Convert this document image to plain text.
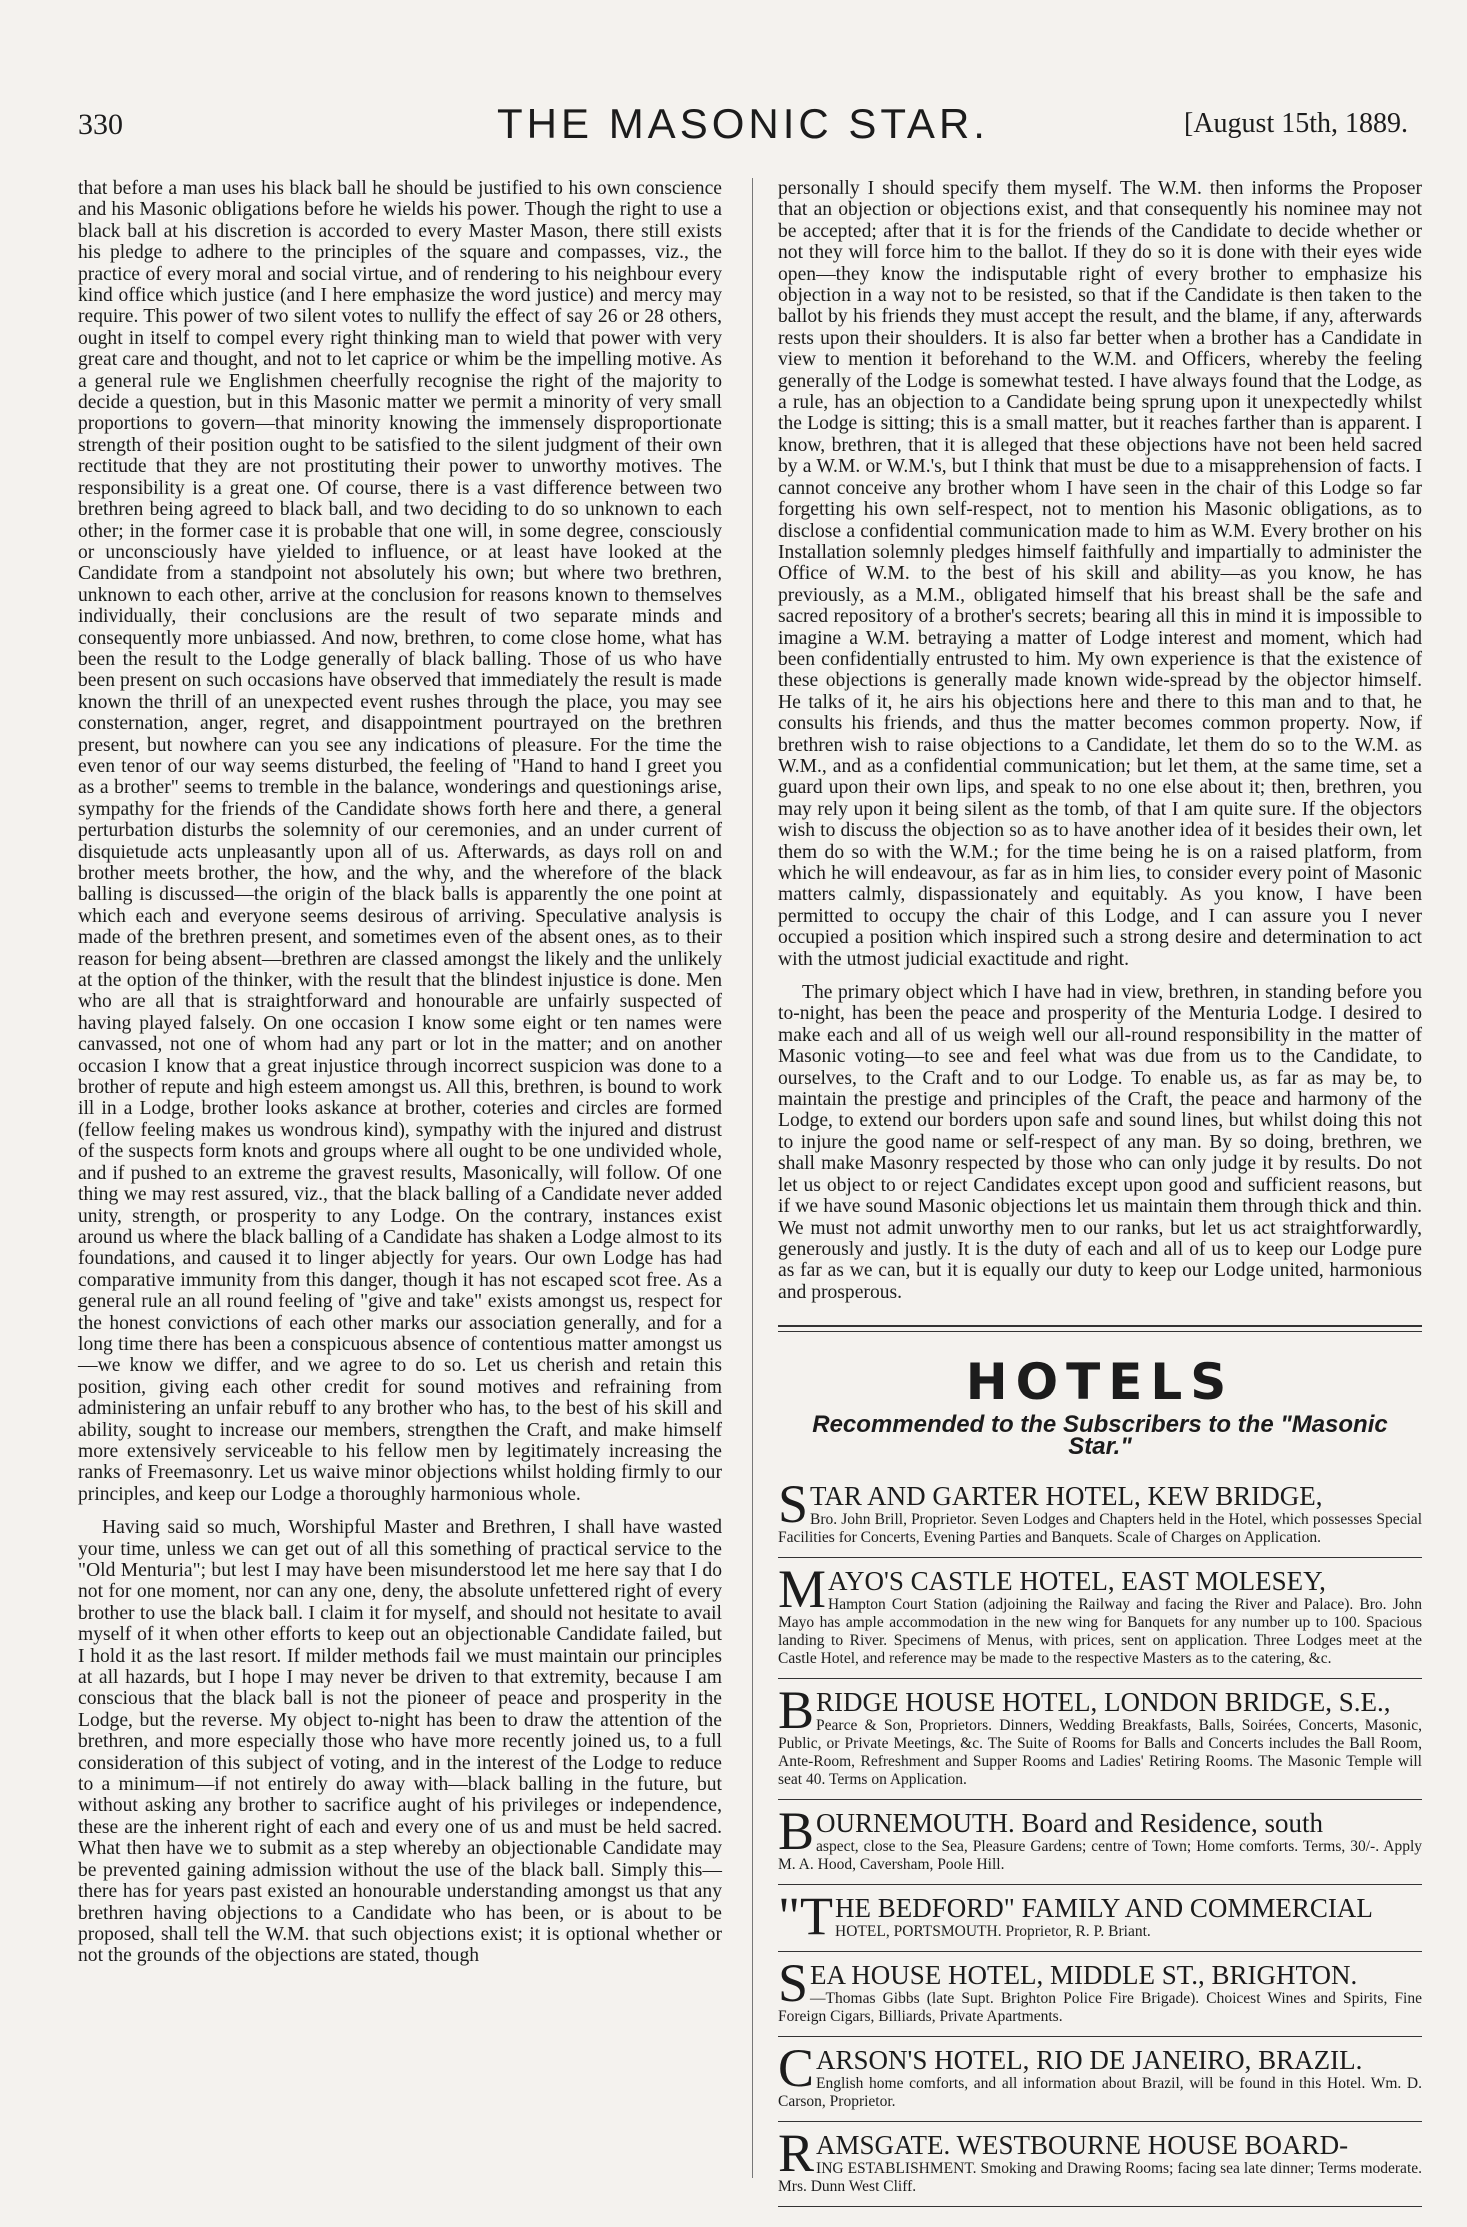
330	THE MASONIC STAR.	[August 15th, 1889.

that before a man uses his black ball he should be justified to his own conscience and his Masonic obligations before he wields his power. Though the right to use a black ball at his discretion is accorded to every Master Mason, there still exists his pledge to adhere to the principles of the square and compasses, viz., the practice of every moral and social virtue, and of rendering to his neighbour every kind office which justice (and I here emphasize the word justice) and mercy may require. This power of two silent votes to nullify the effect of say 26 or 28 others, ought in itself to compel every right thinking man to wield that power with very great care and thought, and not to let caprice or whim be the impelling motive. As a general rule we Englishmen cheerfully recognise the right of the majority to decide a question, but in this Masonic matter we permit a minority of very small proportions to govern—that minority knowing the immensely disproportionate strength of their position ought to be satisfied to the silent judgment of their own rectitude that they are not prostituting their power to unworthy motives. The responsibility is a great one. Of course, there is a vast difference between two brethren being agreed to black ball, and two deciding to do so unknown to each other; in the former case it is probable that one will, in some degree, consciously or unconsciously have yielded to influence, or at least have looked at the Candidate from a standpoint not absolutely his own; but where two brethren, unknown to each other, arrive at the conclusion for reasons known to themselves individually, their conclusions are the result of two separate minds and consequently more unbiassed. And now, brethren, to come close home, what has been the result to the Lodge generally of black balling. Those of us who have been present on such occasions have observed that immediately the result is made known the thrill of an unexpected event rushes through the place, you may see consternation, anger, regret, and disappointment pourtrayed on the brethren present, but nowhere can you see any indications of pleasure. For the time the even tenor of our way seems disturbed, the feeling of "Hand to hand I greet you as a brother" seems to tremble in the balance, wonderings and questionings arise, sympathy for the friends of the Candidate shows forth here and there, a general perturbation disturbs the solemnity of our ceremonies, and an under current of disquietude acts unpleasantly upon all of us. Afterwards, as days roll on and brother meets brother, the how, and the why, and the wherefore of the black balling is discussed—the origin of the black balls is apparently the one point at which each and everyone seems desirous of arriving. Speculative analysis is made of the brethren present, and sometimes even of the absent ones, as to their reason for being absent—brethren are classed amongst the likely and the unlikely at the option of the thinker, with the result that the blindest injustice is done. Men who are all that is straightforward and honourable are unfairly suspected of having played falsely. On one occasion I know some eight or ten names were canvassed, not one of whom had any part or lot in the matter; and on another occasion I know that a great injustice through incorrect suspicion was done to a brother of repute and high esteem amongst us. All this, brethren, is bound to work ill in a Lodge, brother looks askance at brother, coteries and circles are formed (fellow feeling makes us wondrous kind), sympathy with the injured and distrust of the suspects form knots and groups where all ought to be one undivided whole, and if pushed to an extreme the gravest results, Masonically, will follow. Of one thing we may rest assured, viz., that the black balling of a Candidate never added unity, strength, or prosperity to any Lodge. On the contrary, instances exist around us where the black balling of a Candidate has shaken a Lodge almost to its foundations, and caused it to linger abjectly for years. Our own Lodge has had comparative immunity from this danger, though it has not escaped scot free. As a general rule an all round feeling of "give and take" exists amongst us, respect for the honest convictions of each other marks our association generally, and for a long time there has been a conspicuous absence of contentious matter amongst us—we know we differ, and we agree to do so. Let us cherish and retain this position, giving each other credit for sound motives and refraining from administering an unfair rebuff to any brother who has, to the best of his skill and ability, sought to increase our members, strengthen the Craft, and make himself more extensively serviceable to his fellow men by legitimately increasing the ranks of Freemasonry. Let us waive minor objections whilst holding firmly to our principles, and keep our Lodge a thoroughly harmonious whole.

Having said so much, Worshipful Master and Brethren, I shall have wasted your time, unless we can get out of all this something of practical service to the "Old Menturia"; but lest I may have been misunderstood let me here say that I do not for one moment, nor can any one, deny, the absolute unfettered right of every brother to use the black ball. I claim it for myself, and should not hesitate to avail myself of it when other efforts to keep out an objectionable Candidate failed, but I hold it as the last resort. If milder methods fail we must maintain our principles at all hazards, but I hope I may never be driven to that extremity, because I am conscious that the black ball is not the pioneer of peace and prosperity in the Lodge, but the reverse. My object to-night has been to draw the attention of the brethren, and more especially those who have more recently joined us, to a full consideration of this subject of voting, and in the interest of the Lodge to reduce to a minimum—if not entirely do away with—black balling in the future, but without asking any brother to sacrifice aught of his privileges or independence, these are the inherent right of each and every one of us and must be held sacred. What then have we to submit as a step whereby an objectionable Candidate may be prevented gaining admission without the use of the black ball. Simply this—there has for years past existed an honourable understanding amongst us that any brethren having objections to a Candidate who has been, or is about to be proposed, shall tell the W.M. that such objections exist; it is optional whether or not the grounds of the objections are stated, though

personally I should specify them myself. The W.M. then informs the Proposer that an objection or objections exist, and that consequently his nominee may not be accepted; after that it is for the friends of the Candidate to decide whether or not they will force him to the ballot. If they do so it is done with their eyes wide open—they know the indisputable right of every brother to emphasize his objection in a way not to be resisted, so that if the Candidate is then taken to the ballot by his friends they must accept the result, and the blame, if any, afterwards rests upon their shoulders. It is also far better when a brother has a Candidate in view to mention it beforehand to the W.M. and Officers, whereby the feeling generally of the Lodge is somewhat tested. I have always found that the Lodge, as a rule, has an objection to a Candidate being sprung upon it unexpectedly whilst the Lodge is sitting; this is a small matter, but it reaches farther than is apparent. I know, brethren, that it is alleged that these objections have not been held sacred by a W.M. or W.M.'s, but I think that must be due to a misapprehension of facts. I cannot conceive any brother whom I have seen in the chair of this Lodge so far forgetting his own self-respect, not to mention his Masonic obligations, as to disclose a confidential communication made to him as W.M. Every brother on his Installation solemnly pledges himself faithfully and impartially to administer the Office of W.M. to the best of his skill and ability—as you know, he has previously, as a M.M., obligated himself that his breast shall be the safe and sacred repository of a brother's secrets; bearing all this in mind it is impossible to imagine a W.M. betraying a matter of Lodge interest and moment, which had been confidentially entrusted to him. My own experience is that the existence of these objections is generally made known wide-spread by the objector himself. He talks of it, he airs his objections here and there to this man and to that, he consults his friends, and thus the matter becomes common property. Now, if brethren wish to raise objections to a Candidate, let them do so to the W.M. as W.M., and as a confidential communication; but let them, at the same time, set a guard upon their own lips, and speak to no one else about it; then, brethren, you may rely upon it being silent as the tomb, of that I am quite sure. If the objectors wish to discuss the objection so as to have another idea of it besides their own, let them do so with the W.M.; for the time being he is on a raised platform, from which he will endeavour, as far as in him lies, to consider every point of Masonic matters calmly, dispassionately and equitably. As you know, I have been permitted to occupy the chair of this Lodge, and I can assure you I never occupied a position which inspired such a strong desire and determination to act with the utmost judicial exactitude and right.

The primary object which I have had in view, brethren, in standing before you to-night, has been the peace and prosperity of the Menturia Lodge. I desired to make each and all of us weigh well our all-round responsibility in the matter of Masonic voting—to see and feel what was due from us to the Candidate, to ourselves, to the Craft and to our Lodge. To enable us, as far as may be, to maintain the prestige and principles of the Craft, the peace and harmony of the Lodge, to extend our borders upon safe and sound lines, but whilst doing this not to injure the good name or self-respect of any man. By so doing, brethren, we shall make Masonry respected by those who can only judge it by results. Do not let us object to or reject Candidates except upon good and sufficient reasons, but if we have sound Masonic objections let us maintain them through thick and thin. We must not admit unworthy men to our ranks, but let us act straightforwardly, generously and justly. It is the duty of each and all of us to keep our Lodge pure as far as we can, but it is equally our duty to keep our Lodge united, harmonious and prosperous.

HOTELS
Recommended to the Subscribers to the "Masonic Star."
STAR AND GARTER HOTEL, KEW BRIDGE,
Bro. John Brill, Proprietor. Seven Lodges and Chapters held in the Hotel, which possesses Special Facilities for Concerts, Evening Parties and Banquets. Scale of Charges on Application.
MAYO'S CASTLE HOTEL, EAST MOLESEY,
Hampton Court Station (adjoining the Railway and facing the River and Palace). Bro. John Mayo has ample accommodation in the new wing for Banquets for any number up to 100. Spacious landing to River. Specimens of Menus, with prices, sent on application. Three Lodges meet at the Castle Hotel, and reference may be made to the respective Masters as to the catering, &c.
BRIDGE HOUSE HOTEL, LONDON BRIDGE, S.E.,
Pearce & Son, Proprietors. Dinners, Wedding Breakfasts, Balls, Soirées, Concerts, Masonic, Public, or Private Meetings, &c. The Suite of Rooms for Balls and Concerts includes the Ball Room, Ante-Room, Refreshment and Supper Rooms and Ladies' Retiring Rooms. The Masonic Temple will seat 40. Terms on Application.
BOURNEMOUTH. Board and Residence, south
aspect, close to the Sea, Pleasure Gardens; centre of Town; Home comforts. Terms, 30/-. Apply M. A. Hood, Caversham, Poole Hill.
"THE BEDFORD" FAMILY AND COMMERCIAL
HOTEL, PORTSMOUTH. Proprietor, R. P. Briant.
SEA HOUSE HOTEL, MIDDLE ST., BRIGHTON.
—Thomas Gibbs (late Supt. Brighton Police Fire Brigade). Choicest Wines and Spirits, Fine Foreign Cigars, Billiards, Private Apartments.
CARSON'S HOTEL, RIO DE JANEIRO, BRAZIL.
English home comforts, and all information about Brazil, will be found in this Hotel. Wm. D. Carson, Proprietor.
RAMSGATE. WESTBOURNE HOUSE BOARD-
ING ESTABLISHMENT. Smoking and Drawing Rooms; facing sea late dinner; Terms moderate. Mrs. Dunn West Cliff.
